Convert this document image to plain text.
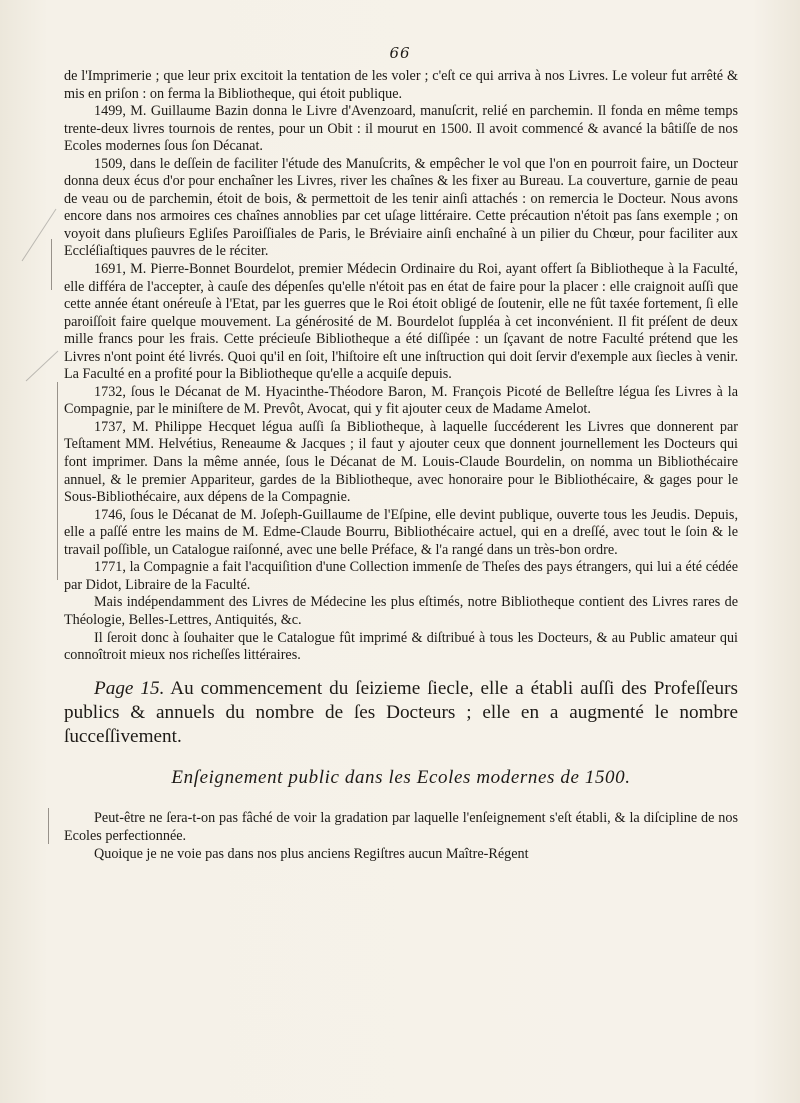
66

de l'Imprimerie ; que leur prix excitoit la tentation de les voler ; c'eſt ce qui arriva à nos Livres. Le voleur fut arrêté & mis en priſon : on ferma la Bibliotheque, qui étoit publique.

1499, M. Guillaume Bazin donna le Livre d'Avenzoard, manuſcrit, relié en parchemin. Il fonda en même temps trente-deux livres tournois de rentes, pour un Obit : il mourut en 1500. Il avoit commencé & avancé la bâtiſſe de nos Ecoles modernes ſous ſon Décanat.

1509, dans le deſſein de faciliter l'étude des Manuſcrits, & empêcher le vol que l'on en pourroit faire, un Docteur donna deux écus d'or pour enchaîner les Livres, river les chaînes & les fixer au Bureau. La couverture, garnie de peau de veau ou de parchemin, étoit de bois, & permettoit de les tenir ainſi attachés : on remercia le Docteur. Nous avons encore dans nos armoires ces chaînes annoblies par cet uſage littéraire. Cette précaution n'étoit pas ſans exemple ; on voyoit dans pluſieurs Egliſes Paroiſſiales de Paris, le Bréviaire ainſi enchaîné à un pilier du Chœur, pour faciliter aux Eccléſiaſtiques pauvres de le réciter.

1691, M. Pierre-Bonnet Bourdelot, premier Médecin Ordinaire du Roi, ayant offert ſa Bibliotheque à la Faculté, elle différa de l'accepter, à cauſe des dépenſes qu'elle n'étoit pas en état de faire pour la placer : elle craignoit auſſi que cette année étant onéreuſe à l'Etat, par les guerres que le Roi étoit obligé de ſoutenir, elle ne fût taxée fortement, ſi elle paroiſſoit faire quelque mouvement. La générosité de M. Bourdelot ſuppléa à cet inconvénient. Il fit préſent de deux mille francs pour les frais. Cette précieuſe Bibliotheque a été diſſipée : un ſçavant de notre Faculté prétend que les Livres n'ont point été livrés. Quoi qu'il en ſoit, l'hiſtoire eſt une inſtruction qui doit ſervir d'exemple aux ſiecles à venir. La Faculté en a profité pour la Bibliotheque qu'elle a acquiſe depuis.

1732, ſous le Décanat de M. Hyacinthe-Théodore Baron, M. François Picoté de Belleſtre légua ſes Livres à la Compagnie, par le miniſtere de M. Prevôt, Avocat, qui y fit ajouter ceux de Madame Amelot.

1737, M. Philippe Hecquet légua auſſi ſa Bibliotheque, à laquelle ſuccéderent les Livres que donnerent par Teſtament MM. Helvétius, Reneaume & Jacques ; il faut y ajouter ceux que donnent journellement les Docteurs qui font imprimer. Dans la même année, ſous le Décanat de M. Louis-Claude Bourdelin, on nomma un Bibliothécaire annuel, & le premier Appariteur, gardes de la Bibliotheque, avec honoraire pour le Bibliothécaire, & gages pour le Sous-Bibliothécaire, aux dépens de la Compagnie.

1746, ſous le Décanat de M. Joſeph-Guillaume de l'Eſpine, elle devint publique, ouverte tous les Jeudis. Depuis, elle a paſſé entre les mains de M. Edme-Claude Bourru, Bibliothécaire actuel, qui en a dreſſé, avec tout le ſoin & le travail poſſible, un Catalogue raiſonné, avec une belle Préface, & l'a rangé dans un très-bon ordre.

1771, la Compagnie a fait l'acquiſition d'une Collection immenſe de Theſes des pays étrangers, qui lui a été cédée par Didot, Libraire de la Faculté.

Mais indépendamment des Livres de Médecine les plus eſtimés, notre Bibliotheque contient des Livres rares de Théologie, Belles-Lettres, Antiquités, &c.

Il ſeroit donc à ſouhaiter que le Catalogue fût imprimé & diſtribué à tous les Docteurs, & au Public amateur qui connoîtroit mieux nos richeſſes littéraires.

Page 15. Au commencement du ſeizieme ſiecle, elle a établi auſſi des Profeſſeurs publics & annuels du nombre de ſes Docteurs ; elle en a augmenté le nombre ſucceſſivement.
Enſeignement public dans les Ecoles modernes de 1500.

Peut-être ne ſera-t-on pas fâché de voir la gradation par laquelle l'enſeignement s'eſt établi, & la diſcipline de nos Ecoles perfectionnée.

Quoique je ne voie pas dans nos plus anciens Regiſtres aucun Maître-Régent
